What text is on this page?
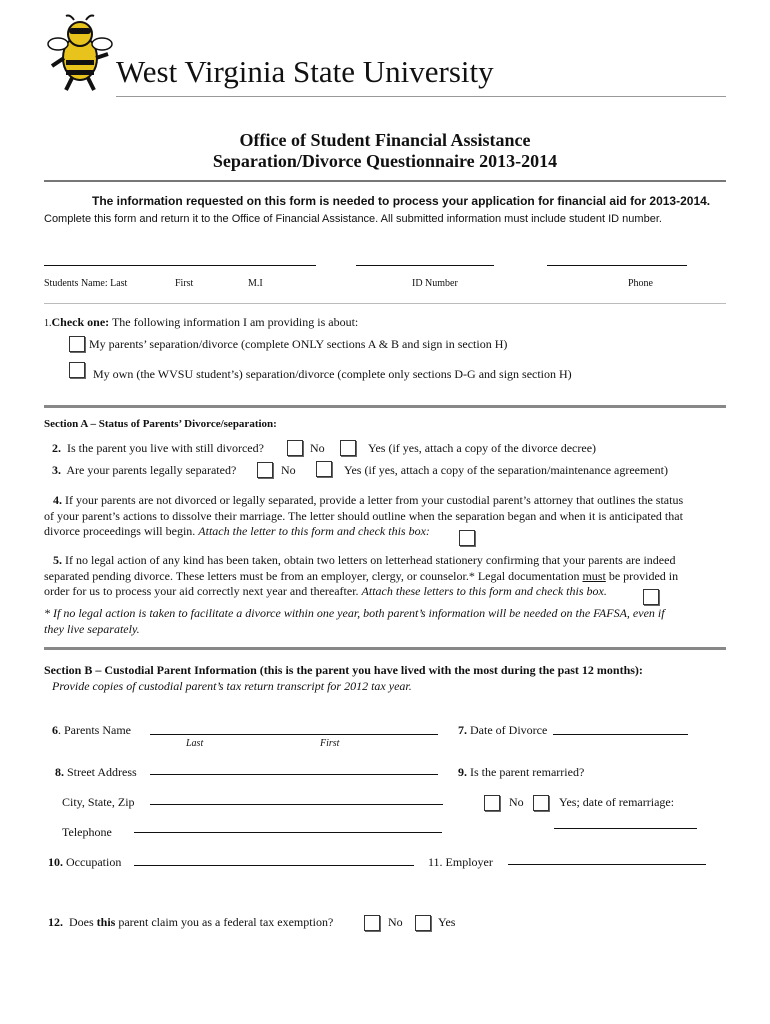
West Virginia State University
Office of Student Financial Assistance
Separation/Divorce Questionnaire 2013-2014
The information requested on this form is needed to process your application for financial aid for 2013-2014.
Complete this form and return it to the Office of Financial Assistance. All submitted information must include student ID number.
Students Name: Last	First	M.I	ID Number	Phone
1.Check one: The following information I am providing is about:
My parents’ separation/divorce (complete ONLY sections A & B and sign in section H)
My own (the WVSU student’s) separation/divorce (complete only sections D-G and sign section H)
Section A – Status of Parents’ Divorce/separation:
2. Is the parent you live with still divorced?	No	Yes (if yes, attach a copy of the divorce decree)
3. Are your parents legally separated?	No	Yes (if yes, attach a copy of the separation/maintenance agreement)
4. If your parents are not divorced or legally separated, provide a letter from your custodial parent’s attorney that outlines the status
of your parent’s actions to dissolve their marriage. The letter should outline when the separation began and when it is anticipated that
divorce proceedings will begin. Attach the letter to this form and check this box:
5. If no legal action of any kind has been taken, obtain two letters on letterhead stationery confirming that your parents are indeed
separated pending divorce. These letters must be from an employer, clergy, or counselor.* Legal documentation must be provided in
order for us to process your aid correctly next year and thereafter. Attach these letters to this form and check this box.
* If no legal action is taken to facilitate a divorce within one year, both parent’s information will be needed on the FAFSA, even if
they live separately.
Section B – Custodial Parent Information (this is the parent you have lived with the most during the past 12 months):
Provide copies of custodial parent’s tax return transcript for 2012 tax year.
6. Parents Name
Last	First
7. Date of Divorce
8. Street Address	9. Is the parent remarried?
City, State, Zip	No	Yes; date of remarriage:
Telephone
10. Occupation	11. Employer
12. Does this parent claim you as a federal tax exemption?	No	Yes
